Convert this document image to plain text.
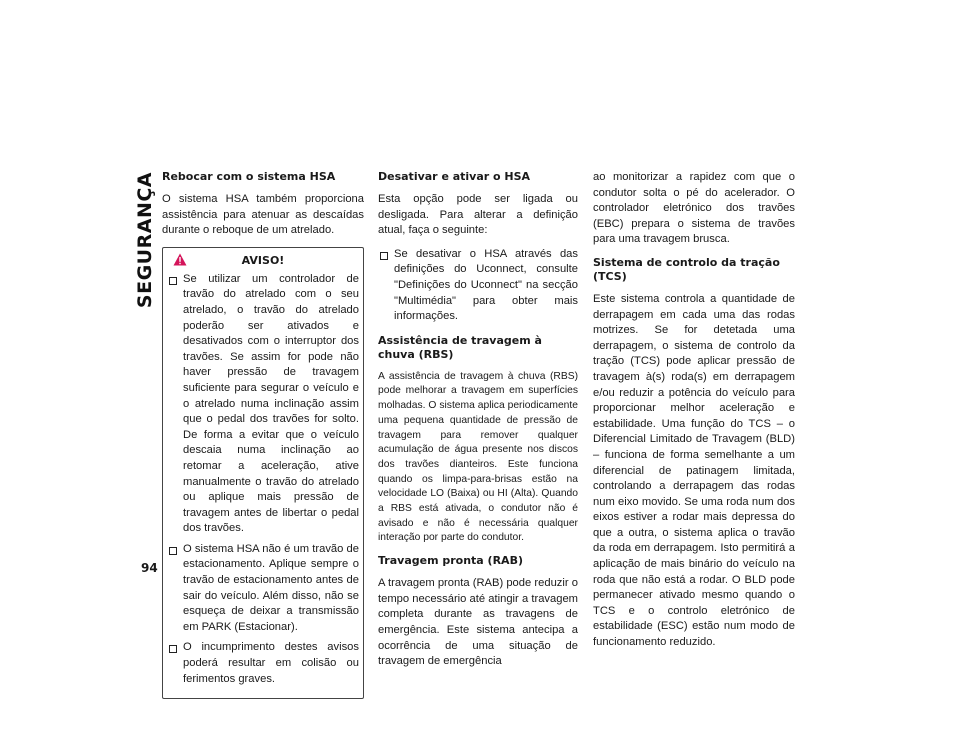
SEGURANÇA
94
Rebocar com o sistema HSA

O sistema HSA também proporciona assistência para atenuar as descaídas durante o reboque de um atrelado.

AVISO!
Se utilizar um controlador de travão do atrelado com o seu atrelado, o travão do atrelado poderão ser ativados e desativados com o interruptor dos travões. Se assim for pode não haver pressão de travagem suficiente para segurar o veículo e o atrelado numa inclinação assim que o pedal dos travões for solto. De forma a evitar que o veículo descaia numa inclinação ao retomar a aceleração, ative manualmente o travão do atrelado ou aplique mais pressão de travagem antes de libertar o pedal dos travões.
O sistema HSA não é um travão de estacionamento. Aplique sempre o travão de estacionamento antes de sair do veículo. Além disso, não se esqueça de deixar a transmissão em PARK (Estacionar).
O incumprimento destes avisos poderá resultar em colisão ou ferimentos graves.
Desativar e ativar o HSA

Esta opção pode ser ligada ou desligada. Para alterar a definição atual, faça o seguinte:

Se desativar o HSA através das definições do Uconnect, consulte "Definições do Uconnect" na secção "Multimédia" para obter mais informações.
Assistência de travagem à chuva (RBS)

A assistência de travagem à chuva (RBS) pode melhorar a travagem em superfícies molhadas. O sistema aplica periodicamente uma pequena quantidade de pressão de travagem para remover qualquer acumulação de água presente nos discos dos travões dianteiros. Este funciona quando os limpa-para-brisas estão na velocidade LO (Baixa) ou HI (Alta). Quando a RBS está ativada, o condutor não é avisado e não é necessária qualquer interação por parte do condutor.

Travagem pronta (RAB)

A travagem pronta (RAB) pode reduzir o tempo necessário até atingir a travagem completa durante as travagens de emergência. Este sistema antecipa a ocorrência de uma situação de travagem de emergência

ao monitorizar a rapidez com que o condutor solta o pé do acelerador. O controlador eletrónico dos travões (EBC) prepara o sistema de travões para uma travagem brusca.

Sistema de controlo da tração (TCS)

Este sistema controla a quantidade de derrapagem em cada uma das rodas motrizes. Se for detetada uma derrapagem, o sistema de controlo da tração (TCS) pode aplicar pressão de travagem à(s) roda(s) em derrapagem e/ou reduzir a potência do veículo para proporcionar melhor aceleração e estabilidade. Uma função do TCS – o Diferencial Limitado de Travagem (BLD) – funciona de forma semelhante a um diferencial de patinagem limitada, controlando a derrapagem das rodas num eixo movido. Se uma roda num dos eixos estiver a rodar mais depressa do que a outra, o sistema aplica o travão da roda em derrapagem. Isto permitirá a aplicação de mais binário do veículo na roda que não está a rodar. O BLD pode permanecer ativado mesmo quando o TCS e o controlo eletrónico de estabilidade (ESC) estão num modo de funcionamento reduzido.
